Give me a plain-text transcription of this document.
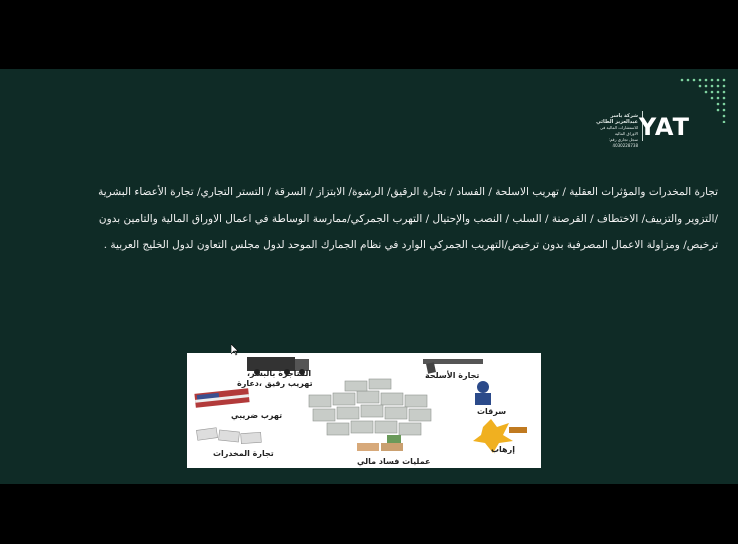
شركة ياسر عبدالعزيز الطائي
للاستشارات المالية في الاوراق المالية
سجل تجاري رقم: 4030228738
YAT
تجارة المخدرات والمؤثرات العقلية / تهريب الاسلحة / الفساد / تجارة الرقيق/ الرشوة/ الابتزاز / السرقة / التستر التجاري/ تجارة الأعضاء البشرية /التزوير والتزييف/ الاختطاف / القرصنة / السلب / النصب والإحتيال / التهرب الجمركي/ممارسة الوساطة في اعمال الاوراق المالية والتامين بدون ترخيص/ ومزاولة الاعمال المصرفية بدون ترخيص/التهريب الجمركي الوارد في نظام الجمارك الموحد لدول مجلس التعاون لدول الخليج العربية .
المتاجرة بالبشر،
تهريب رقيق ،دعارة
تجارة الأسلحة
تهرب ضريبي	سرقات
تجارة المخدرات	إرهاب
عمليات فساد مالي
